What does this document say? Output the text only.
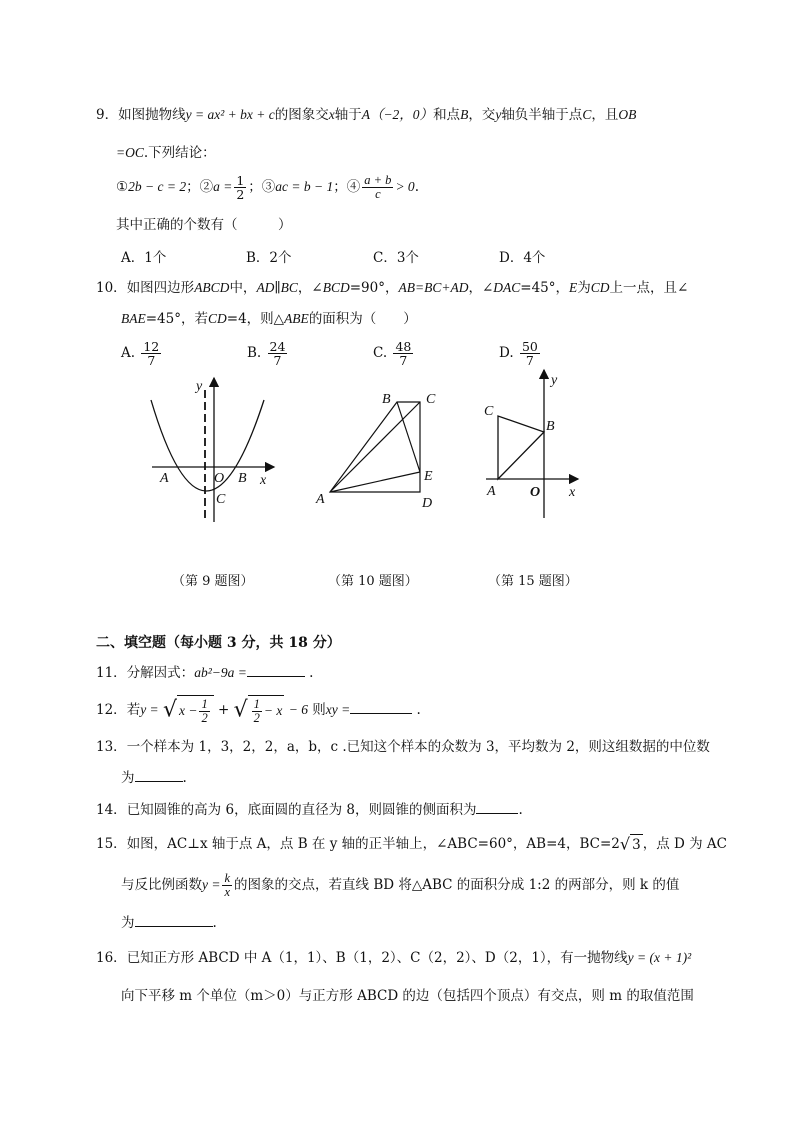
9．如图抛物线y = ax² + bx + c的图象交x轴于A（−2，0）和点B，交y轴负半轴于点C，且OB
=OC.下列结论：
①2b − c = 2；②a = $\frac{1}{2}$ ；③ac = b − 1；④ $\frac{a + b}{c} > 0$.
其中正确的个数有（　　　）
A．1个	B．2个	C．3个	D．4个
10．如图四边形ABCD中，AD∥BC，∠BCD=90°，AB=BC+AD，∠DAC=45°，E为CD上一点，且∠
BAE=45°，若CD=4，则△ABE的面积为（　　）
A. $\frac{12}{7}$	B. $\frac{24}{7}$	C. $\frac{48}{7}$	D. $\frac{50}{7}$
y
x
A	O B
C
B	C
E
A	D
y
C
B
A O x
（第 9 题图）	（第 10 题图）	（第 15 题图）
二、填空题（每小题 3 分，共 18 分）
11．分解因式：ab²−9a =	.
12．若y = √ $x - \frac{1}{2}$ + √ $\frac{1}{2} - x - 6$ 则xy =	.
13．一个样本为 1，3，2，2，a，b，c .已知这个样本的众数为 3，平均数为 2，则这组数据的中位数
为	.
14．已知圆锥的高为 6，底面圆的直径为 8，则圆锥的侧面积为	.
15．如图，AC⊥x 轴于点 A，点 B 在 y 轴的正半轴上，∠ABC=60°，AB=4，BC=2√ 3 ，点 D 为 AC
与反比例函数$y = \frac{k}{x}$ 的图象的交点，若直线 BD 将△ABC 的面积分成 1:2 的两部分，则 k 的值
为	.
16．已知正方形 ABCD 中 A（1，1）、B（1，2）、C（2，2）、D（2，1），有一抛物线y = (x + 1)²
向下平移 m 个单位（m＞0）与正方形 ABCD 的边（包括四个顶点）有交点，则 m 的取值范围
